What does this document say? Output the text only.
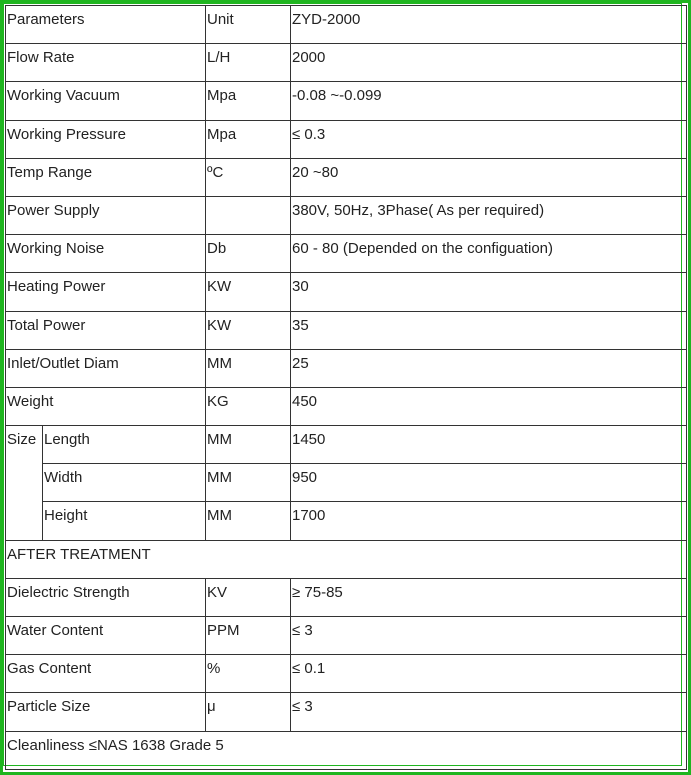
Parameters		Unit	ZYD-2000

Flow Rate		L/H	2000

Working Vacuum		Mpa	-0.08 ~-0.099

Working Pressure		Mpa	≤ 0.3

Temp Range		ºC	20 ~80

Power Supply			380V, 50Hz, 3Phase( As per required)

Working Noise		Db	60 - 80 (Depended on the configuation)

Heating Power		KW	30

Total Power		KW	35

Inlet/Outlet Diam		MM	25

Weight		KG	450

Size	Length	MM	1450

	Width	MM	950

	Height	MM	1700

AFTER TREATMENT			

Dielectric Strength		KV	≥ 75-85

Water Content		PPM	≤ 3

Gas Content		%	≤ 0.1

Particle Size		μ	≤ 3

Cleanliness ≤NAS 1638 Grade 5			
